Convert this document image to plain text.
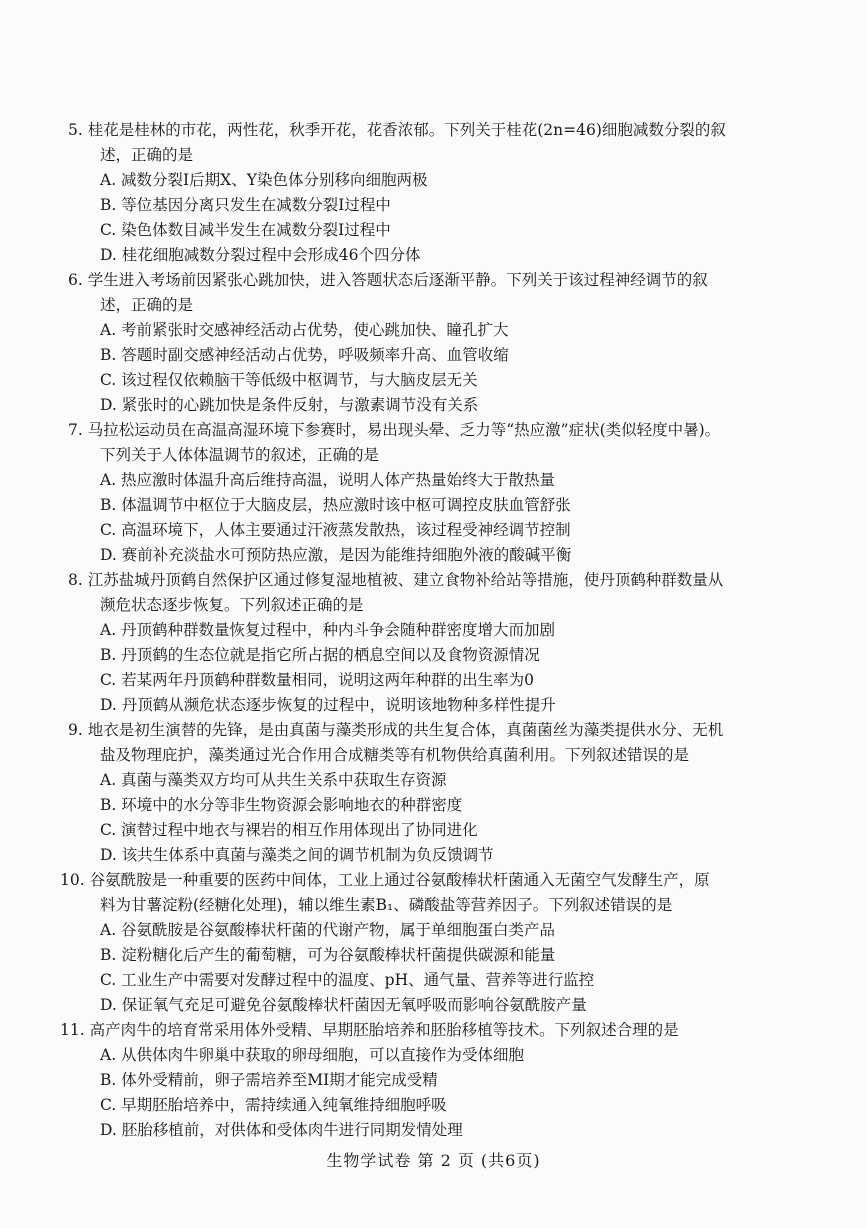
5. 桂花是桂林的市花，两性花，秋季开花，花香浓郁。下列关于桂花(2n=46)细胞减数分裂的叙
述，正确的是
A. 减数分裂Ⅰ后期X、Y染色体分别移向细胞两极
B. 等位基因分离只发生在减数分裂Ⅰ过程中
C. 染色体数目减半发生在减数分裂Ⅰ过程中
D. 桂花细胞减数分裂过程中会形成46个四分体
6. 学生进入考场前因紧张心跳加快，进入答题状态后逐渐平静。下列关于该过程神经调节的叙
述，正确的是
A. 考前紧张时交感神经活动占优势，使心跳加快、瞳孔扩大
B. 答题时副交感神经活动占优势，呼吸频率升高、血管收缩
C. 该过程仅依赖脑干等低级中枢调节，与大脑皮层无关
D. 紧张时的心跳加快是条件反射，与激素调节没有关系
7. 马拉松运动员在高温高湿环境下参赛时，易出现头晕、乏力等“热应激”症状(类似轻度中暑)。
下列关于人体体温调节的叙述，正确的是
A. 热应激时体温升高后维持高温，说明人体产热量始终大于散热量
B. 体温调节中枢位于大脑皮层，热应激时该中枢可调控皮肤血管舒张
C. 高温环境下，人体主要通过汗液蒸发散热，该过程受神经调节控制
D. 赛前补充淡盐水可预防热应激，是因为能维持细胞外液的酸碱平衡
8. 江苏盐城丹顶鹤自然保护区通过修复湿地植被、建立食物补给站等措施，使丹顶鹤种群数量从
濒危状态逐步恢复。下列叙述正确的是
A. 丹顶鹤种群数量恢复过程中，种内斗争会随种群密度增大而加剧
B. 丹顶鹤的生态位就是指它所占据的栖息空间以及食物资源情况
C. 若某两年丹顶鹤种群数量相同，说明这两年种群的出生率为0
D. 丹顶鹤从濒危状态逐步恢复的过程中，说明该地物种多样性提升
9. 地衣是初生演替的先锋，是由真菌与藻类形成的共生复合体，真菌菌丝为藻类提供水分、无机
盐及物理庇护，藻类通过光合作用合成糖类等有机物供给真菌利用。下列叙述错误的是
A. 真菌与藻类双方均可从共生关系中获取生存资源
B. 环境中的水分等非生物资源会影响地衣的种群密度
C. 演替过程中地衣与裸岩的相互作用体现出了协同进化
D. 该共生体系中真菌与藻类之间的调节机制为负反馈调节
10. 谷氨酰胺是一种重要的医药中间体，工业上通过谷氨酸棒状杆菌通入无菌空气发酵生产，原
料为甘薯淀粉(经糖化处理)，辅以维生素B₁、磷酸盐等营养因子。下列叙述错误的是
A. 谷氨酰胺是谷氨酸棒状杆菌的代谢产物，属于单细胞蛋白类产品
B. 淀粉糖化后产生的葡萄糖，可为谷氨酸棒状杆菌提供碳源和能量
C. 工业生产中需要对发酵过程中的温度、pH、通气量、营养等进行监控
D. 保证氧气充足可避免谷氨酸棒状杆菌因无氧呼吸而影响谷氨酰胺产量
11. 高产肉牛的培育常采用体外受精、早期胚胎培养和胚胎移植等技术。下列叙述合理的是
A. 从供体肉牛卵巢中获取的卵母细胞，可以直接作为受体细胞
B. 体外受精前，卵子需培养至MⅠ期才能完成受精
C. 早期胚胎培养中，需持续通入纯氧维持细胞呼吸
D. 胚胎移植前，对供体和受体肉牛进行同期发情处理
生物学试卷 第 2 页 (共6页)
